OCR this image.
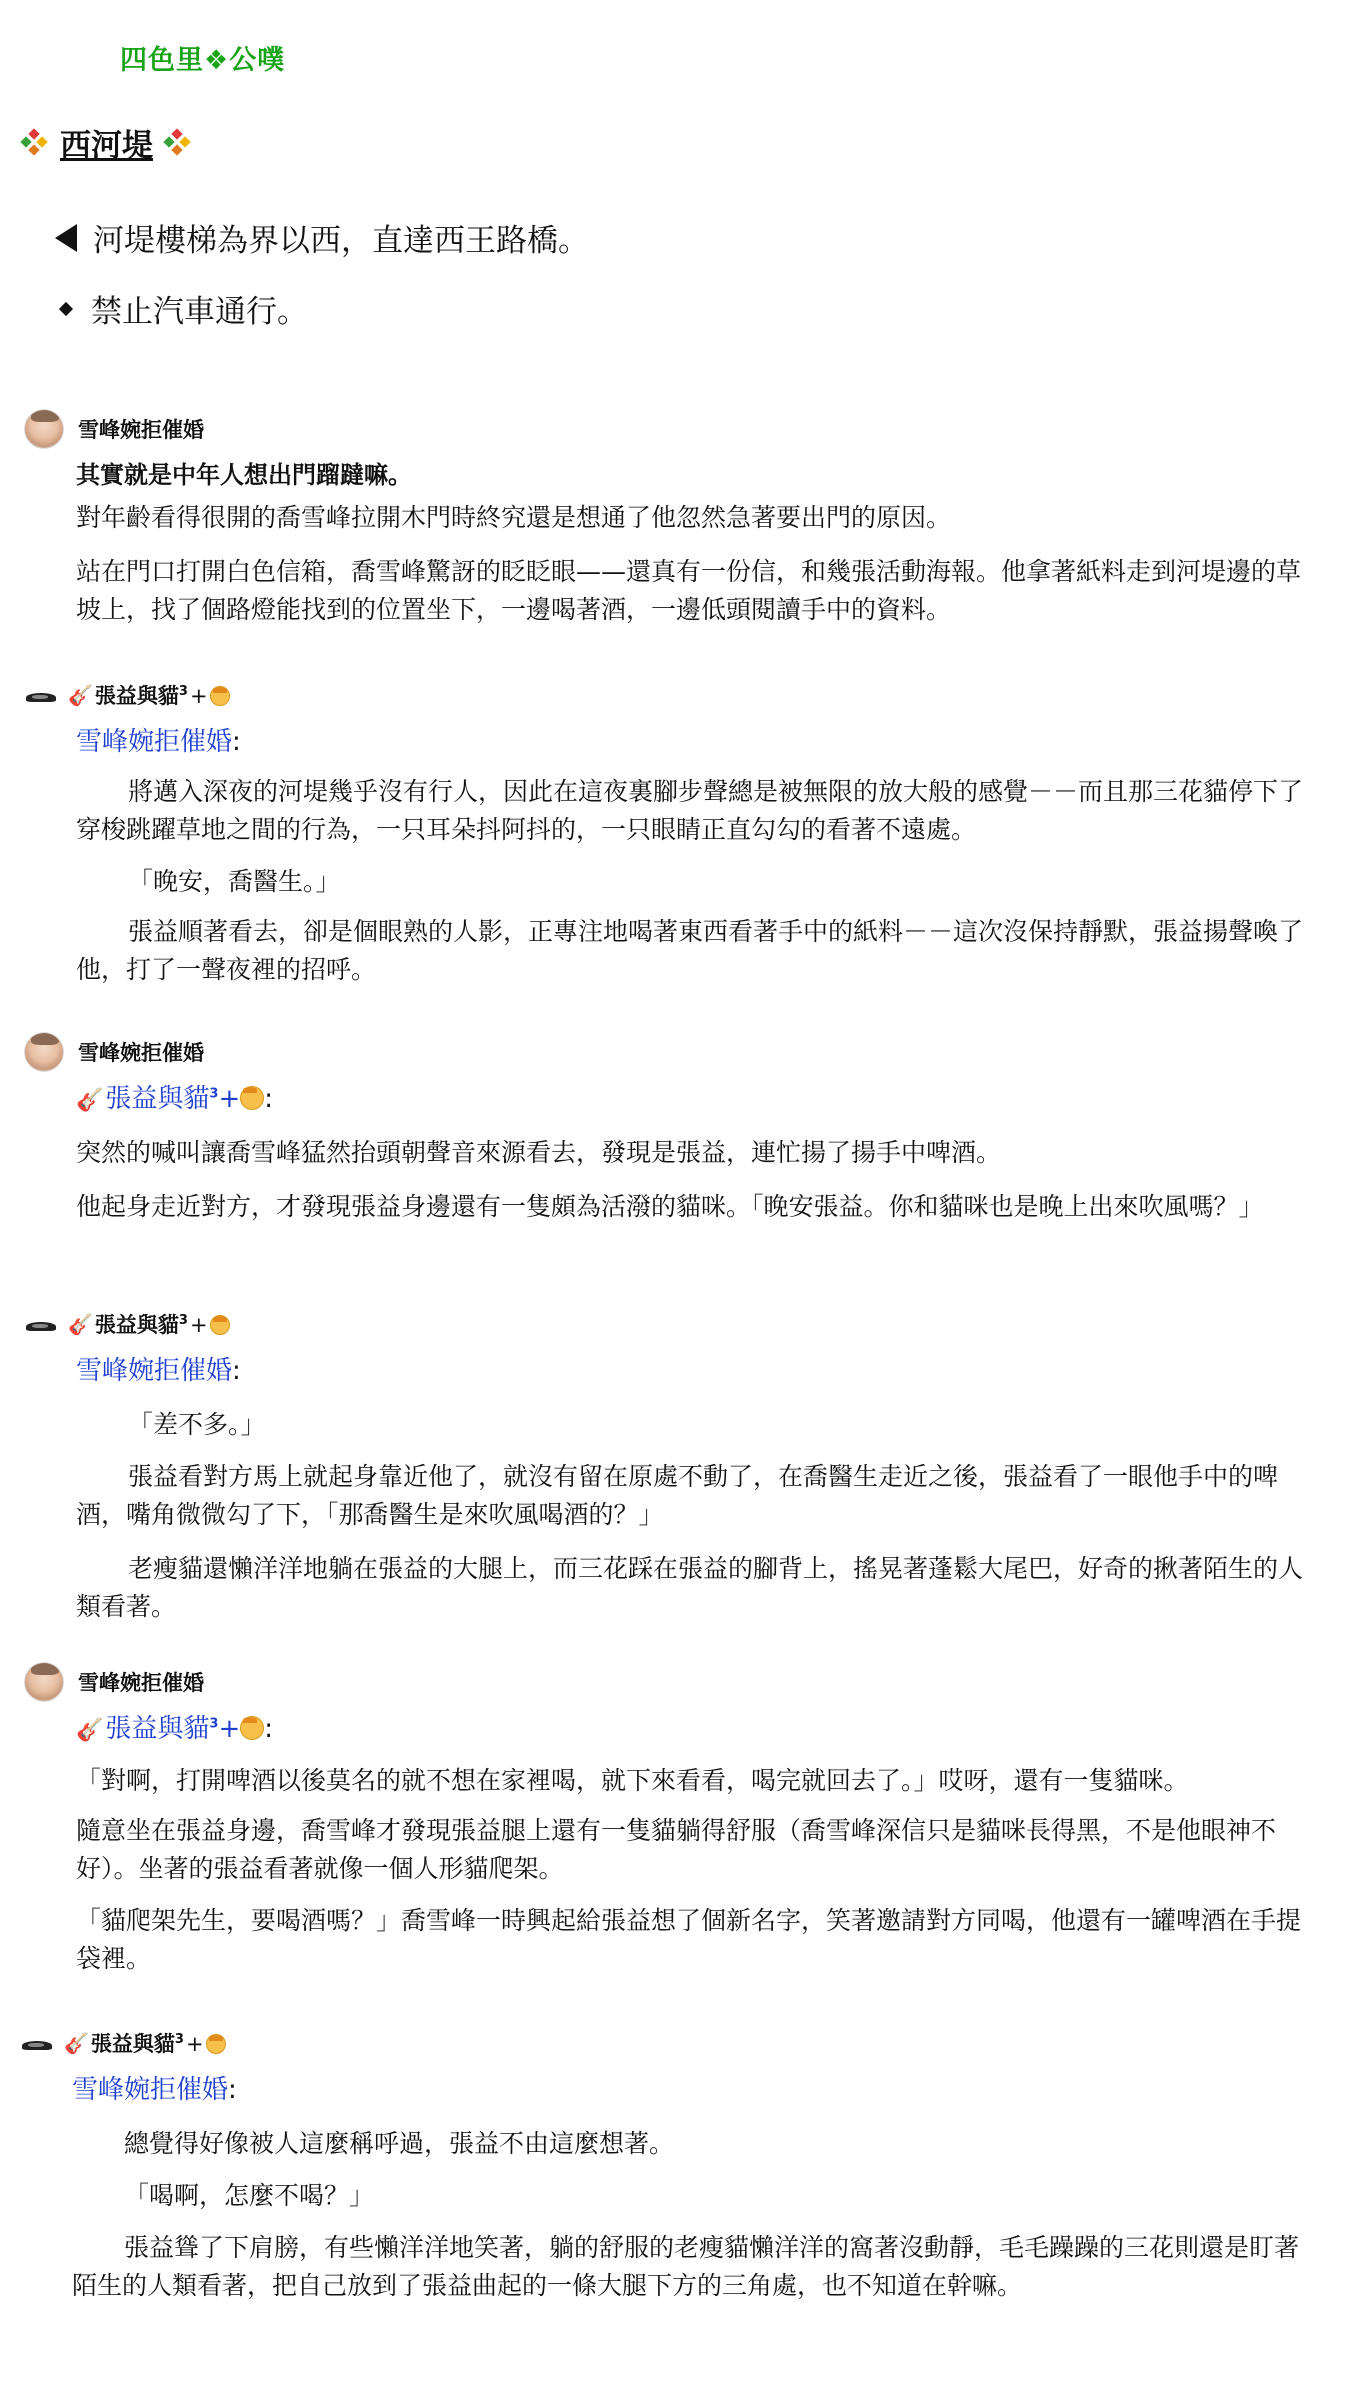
四色里❖公噗
西河堤
河堤樓梯為界以西，直達西王路橋。
禁止汽車通行。
雪峰婉拒催婚
其實就是中年人想出門蹓躂嘛。

對年齡看得很開的喬雪峰拉開木門時終究還是想通了他忽然急著要出門的原因。

站在門口打開白色信箱，喬雪峰驚訝的眨眨眼——還真有一份信，和幾張活動海報。他拿著紙料走到河堤邊的草坡上，找了個路燈能找到的位置坐下，一邊喝著酒，一邊低頭閱讀手中的資料。

🎸 張益與貓$^3$+
雪峰婉拒催婚:

將邁入深夜的河堤幾乎沒有行人，因此在這夜裏腳步聲總是被無限的放大般的感覺－－而且那三花貓停下了穿梭跳躍草地之間的行為，一只耳朵抖阿抖的，一只眼睛正直勾勾的看著不遠處。

「晚安，喬醫生。」

張益順著看去，卻是個眼熟的人影，正專注地喝著東西看著手中的紙料－－這次沒保持靜默，張益揚聲喚了他，打了一聲夜裡的招呼。

雪峰婉拒催婚
🎸張益與貓$^3$+ :

突然的喊叫讓喬雪峰猛然抬頭朝聲音來源看去，發現是張益，連忙揚了揚手中啤酒。

他起身走近對方，才發現張益身邊還有一隻頗為活潑的貓咪。「晚安張益。你和貓咪也是晚上出來吹風嗎？」

🎸 張益與貓$^3$+
雪峰婉拒催婚:

「差不多。」

張益看對方馬上就起身靠近他了，就沒有留在原處不動了，在喬醫生走近之後，張益看了一眼他手中的啤酒，嘴角微微勾了下，「那喬醫生是來吹風喝酒的？」

老瘦貓還懶洋洋地躺在張益的大腿上，而三花踩在張益的腳背上，搖晃著蓬鬆大尾巴，好奇的揪著陌生的人類看著。

雪峰婉拒催婚
🎸張益與貓$^3$+ :

「對啊，打開啤酒以後莫名的就不想在家裡喝，就下來看看，喝完就回去了。」哎呀，還有一隻貓咪。

隨意坐在張益身邊，喬雪峰才發現張益腿上還有一隻貓躺得舒服（喬雪峰深信只是貓咪長得黑，不是他眼神不好）。坐著的張益看著就像一個人形貓爬架。

「貓爬架先生，要喝酒嗎？」喬雪峰一時興起給張益想了個新名字，笑著邀請對方同喝，他還有一罐啤酒在手提袋裡。

🎸 張益與貓$^3$+
雪峰婉拒催婚:

總覺得好像被人這麼稱呼過，張益不由這麼想著。

「喝啊，怎麼不喝？」

張益聳了下肩膀，有些懶洋洋地笑著，躺的舒服的老瘦貓懶洋洋的窩著沒動靜，毛毛躁躁的三花則還是盯著陌生的人類看著，把自己放到了張益曲起的一條大腿下方的三角處，也不知道在幹嘛。
